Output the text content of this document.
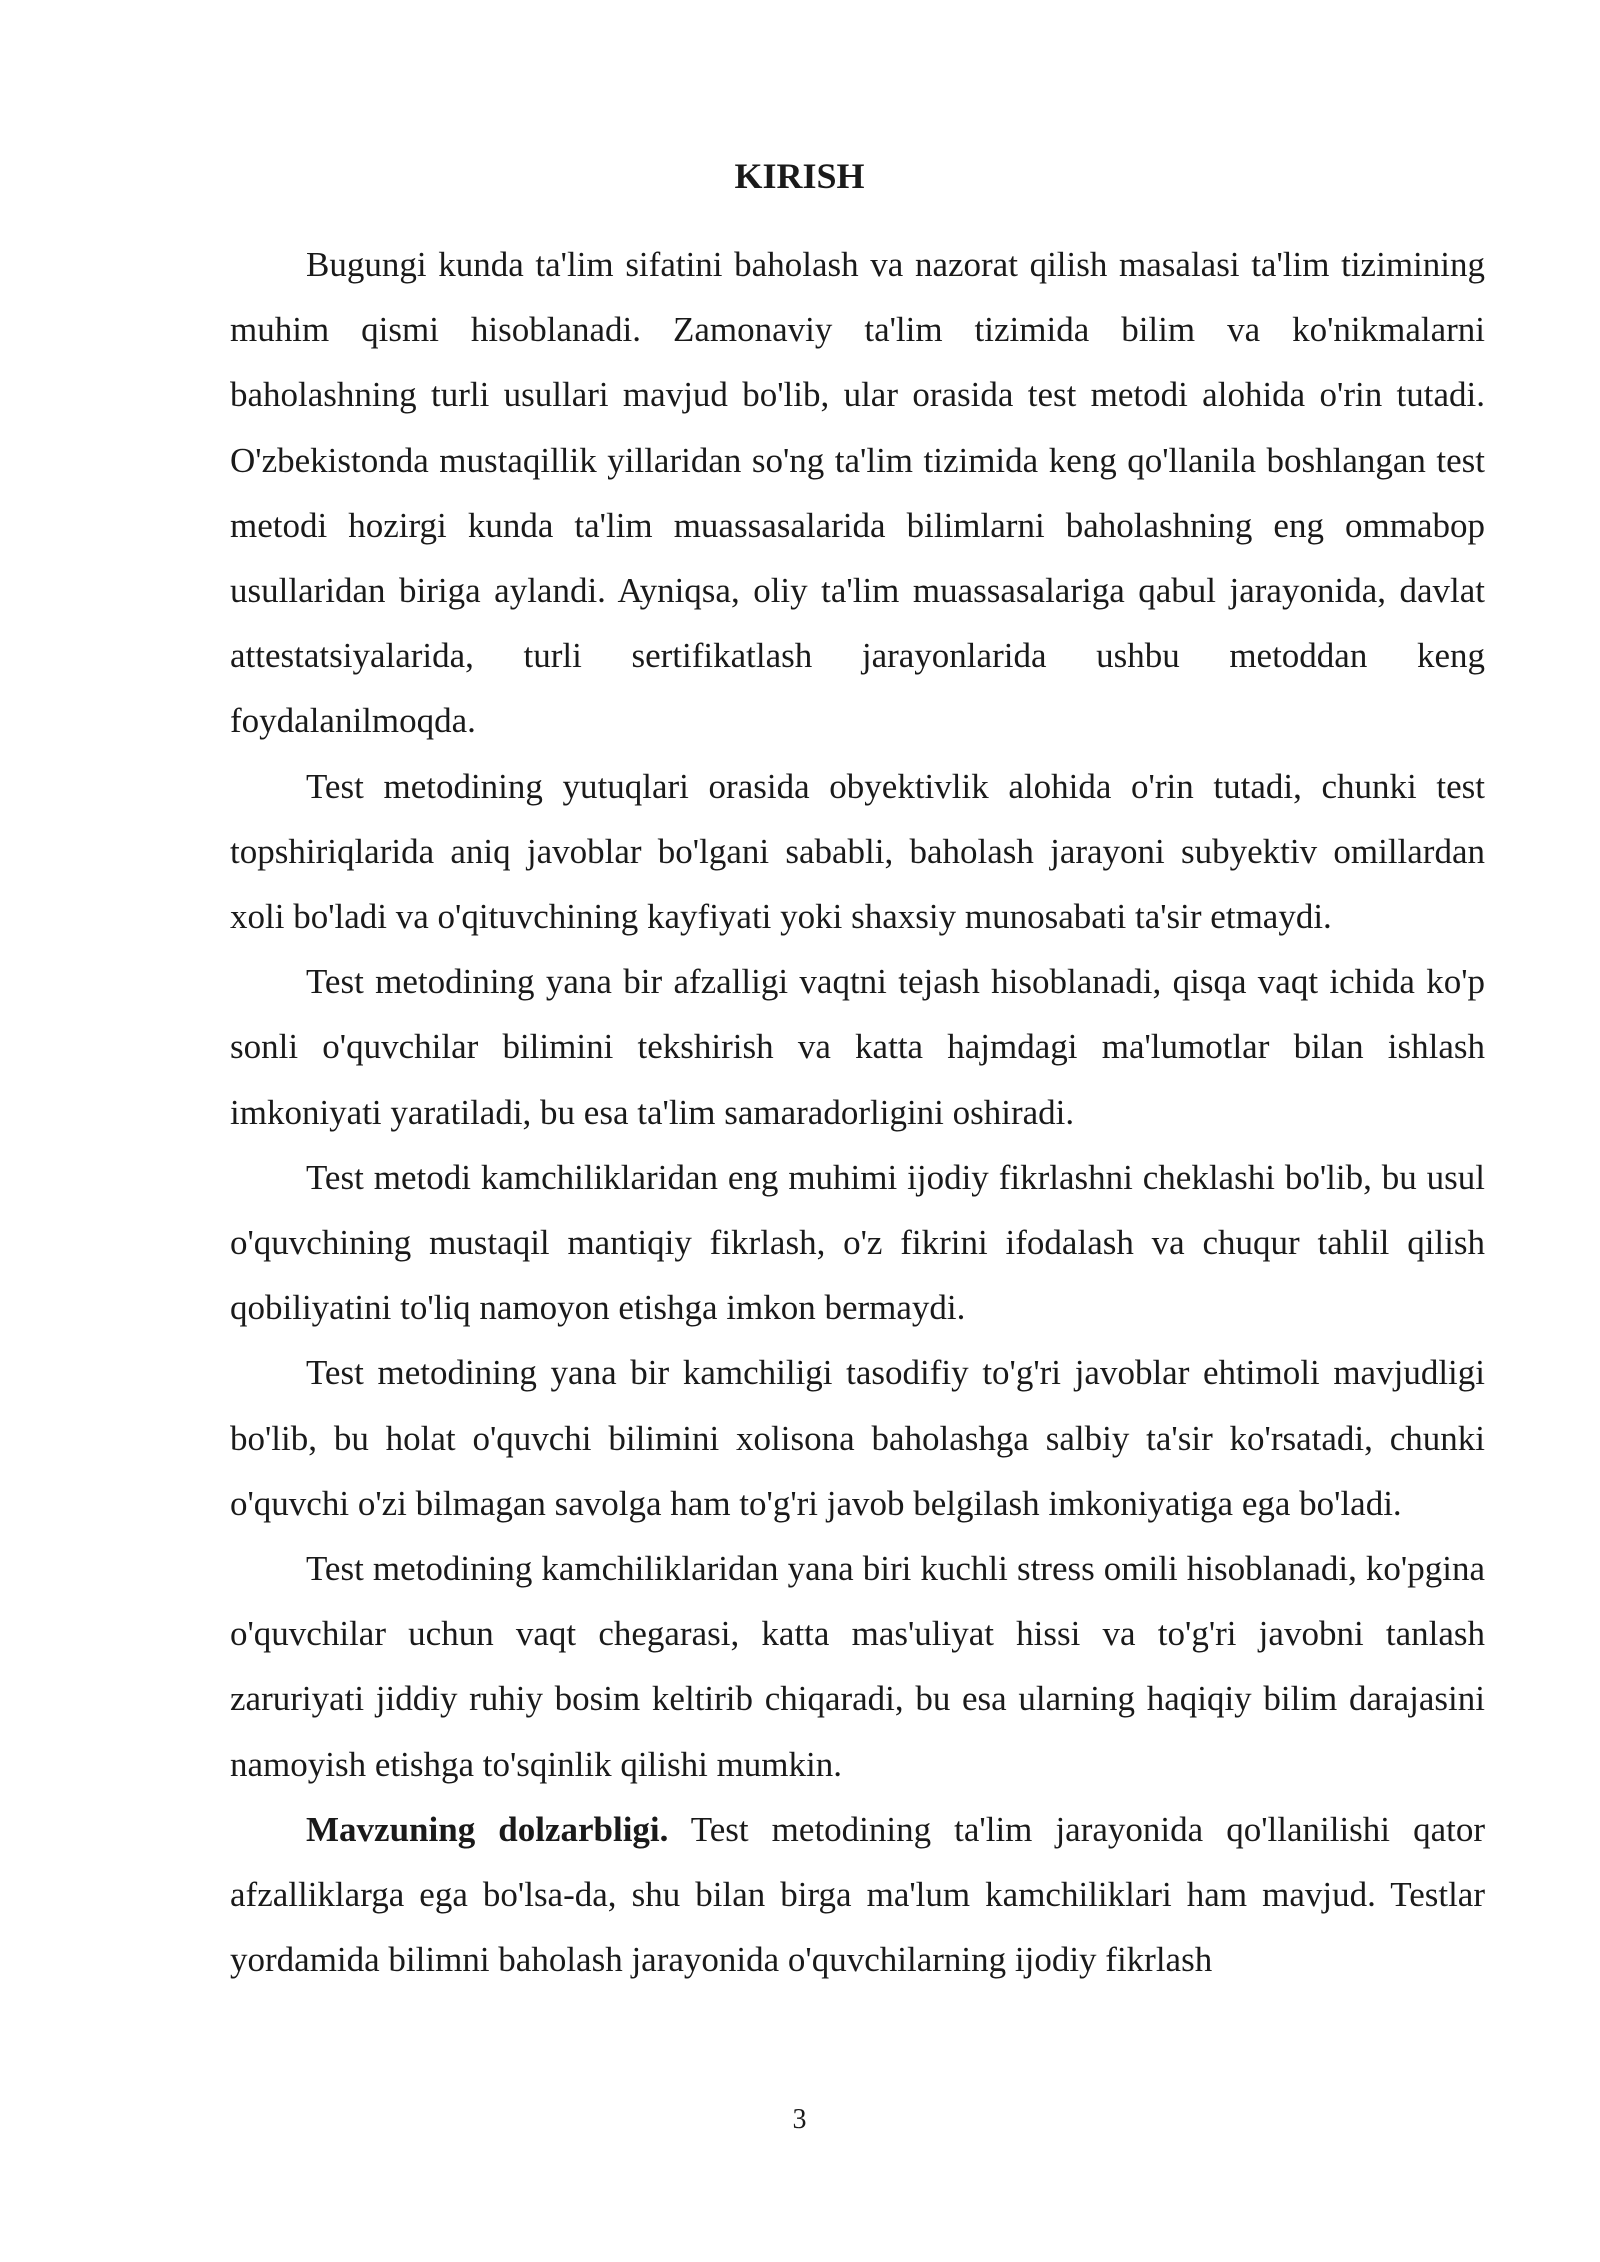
KIRISH

Bugungi kunda ta'lim sifatini baholash va nazorat qilish masalasi ta'lim tizimining muhim qismi hisoblanadi. Zamonaviy ta'lim tizimida bilim va ko'nikmalarni baholashning turli usullari mavjud bo'lib, ular orasida test metodi alohida o'rin tutadi. O'zbekistonda mustaqillik yillaridan so'ng ta'lim tizimida keng qo'llanila boshlangan test metodi hozirgi kunda ta'lim muassasalarida bilimlarni baholashning eng ommabop usullaridan biriga aylandi. Ayniqsa, oliy ta'lim muassasalariga qabul jarayonida, davlat attestatsiyalarida, turli sertifikatlash jarayonlarida ushbu metoddan keng foydalanilmoqda.

Test metodining yutuqlari orasida obyektivlik alohida o'rin tutadi, chunki test topshiriqlarida aniq javoblar bo'lgani sababli, baholash jarayoni subyektiv omillardan xoli bo'ladi va o'qituvchining kayfiyati yoki shaxsiy munosabati ta'sir etmaydi.

Test metodining yana bir afzalligi vaqtni tejash hisoblanadi, qisqa vaqt ichida ko'p sonli o'quvchilar bilimini tekshirish va katta hajmdagi ma'lumotlar bilan ishlash imkoniyati yaratiladi, bu esa ta'lim samaradorligini oshiradi.

Test metodi kamchiliklaridan eng muhimi ijodiy fikrlashni cheklashi bo'lib, bu usul o'quvchining mustaqil mantiqiy fikrlash, o'z fikrini ifodalash va chuqur tahlil qilish qobiliyatini to'liq namoyon etishga imkon bermaydi.

Test metodining yana bir kamchiligi tasodifiy to'g'ri javoblar ehtimoli mavjudligi bo'lib, bu holat o'quvchi bilimini xolisona baholashga salbiy ta'sir ko'rsatadi, chunki o'quvchi o'zi bilmagan savolga ham to'g'ri javob belgilash imkoniyatiga ega bo'ladi.

Test metodining kamchiliklaridan yana biri kuchli stress omili hisoblanadi, ko'pgina o'quvchilar uchun vaqt chegarasi, katta mas'uliyat hissi va to'g'ri javobni tanlash zaruriyati jiddiy ruhiy bosim keltirib chiqaradi, bu esa ularning haqiqiy bilim darajasini namoyish etishga to'sqinlik qilishi mumkin.

Mavzuning dolzarbligi. Test metodining ta'lim jarayonida qo'llanilishi qator afzalliklarga ega bo'lsa-da, shu bilan birga ma'lum kamchiliklari ham mavjud. Testlar yordamida bilimni baholash jarayonida o'quvchilarning ijodiy fikrlash

3
